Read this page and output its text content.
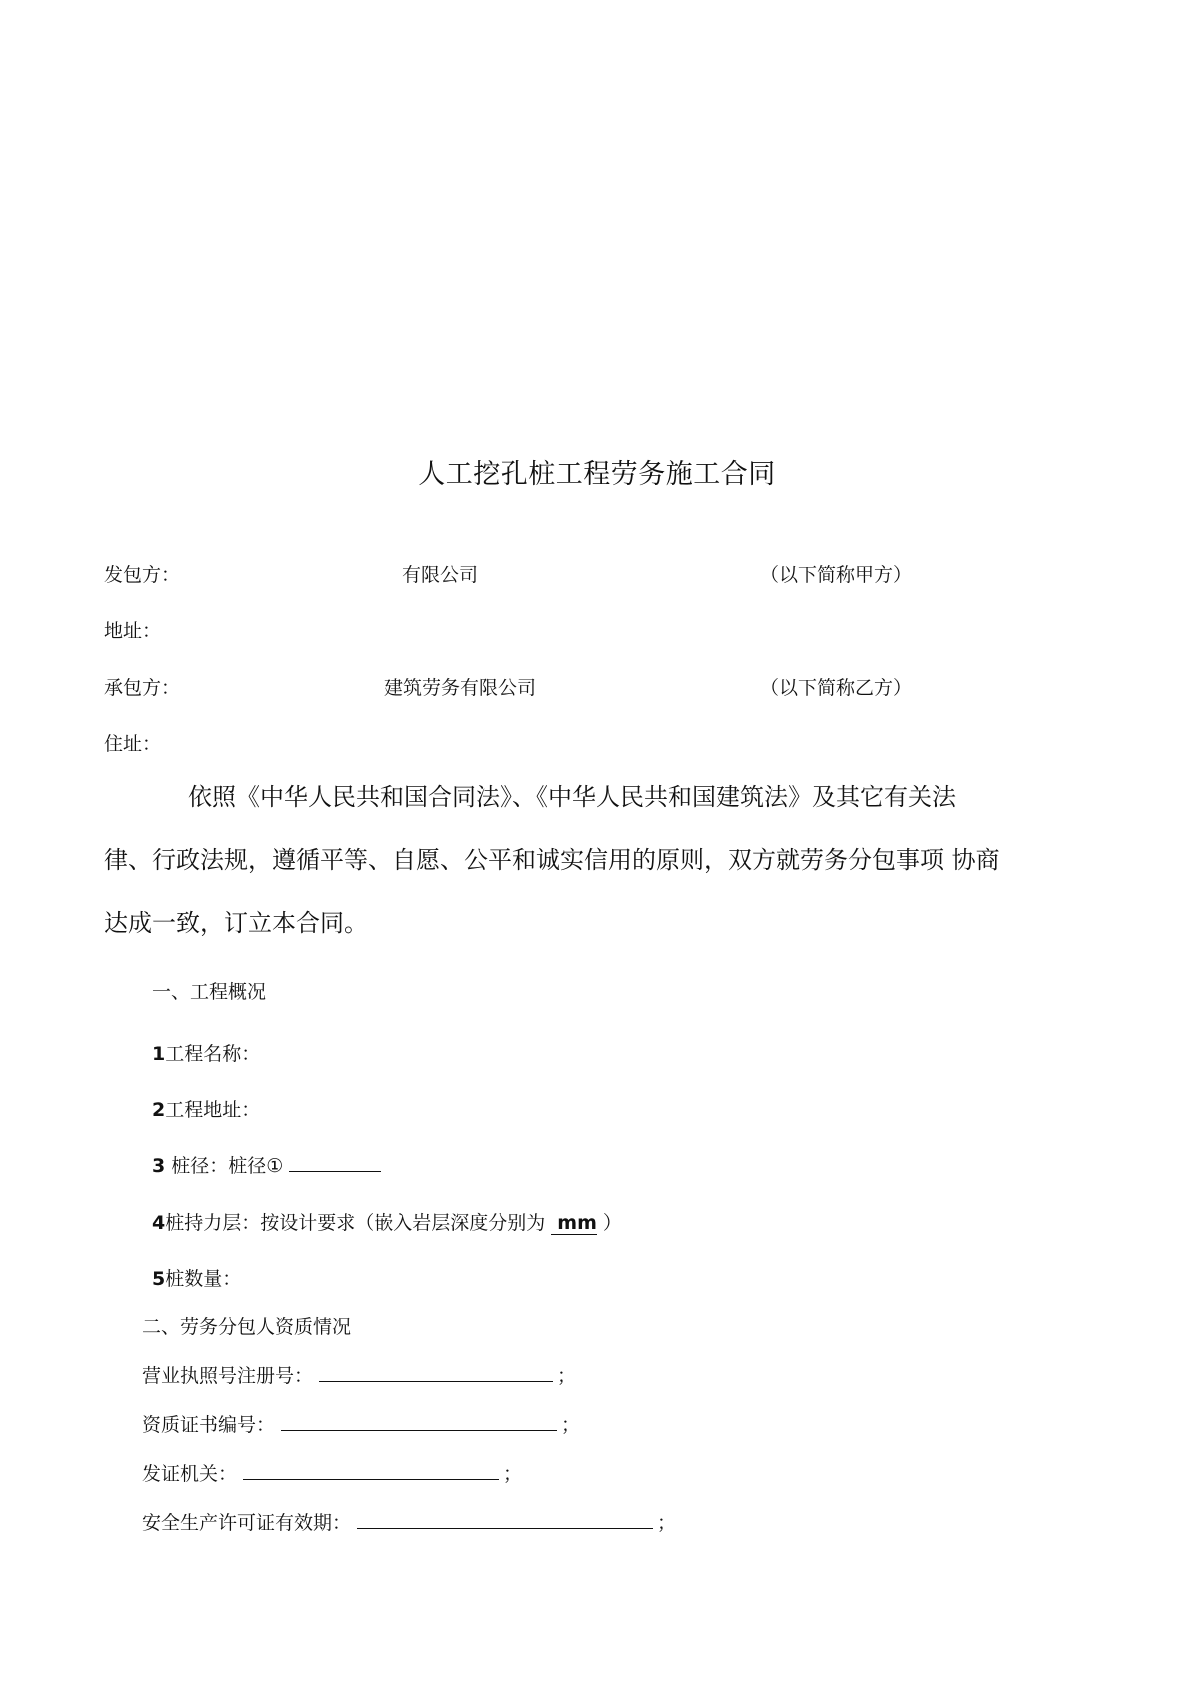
人工挖孔桩工程劳务施工合同
发包方：	有限公司	（以下简称甲方）
地址：
承包方：	建筑劳务有限公司	（以下简称乙方）
住址：
依照《中华人民共和国合同法》、《中华人民共和国建筑法》及其它有关法
律、行政法规，遵循平等、自愿、公平和诚实信用的原则，双方就劳务分包事项 协商
达成一致，订立本合同。
一、工程概况
1工程名称：
2工程地址：
3 桩径：桩径①
4桩持力层：按设计要求（嵌入岩层深度分别为 mm ）
5桩数量：
二、劳务分包人资质情况
营业执照号注册号：	；
资质证书编号：	；
发证机关：	；
安全生产许可证有效期：	；
